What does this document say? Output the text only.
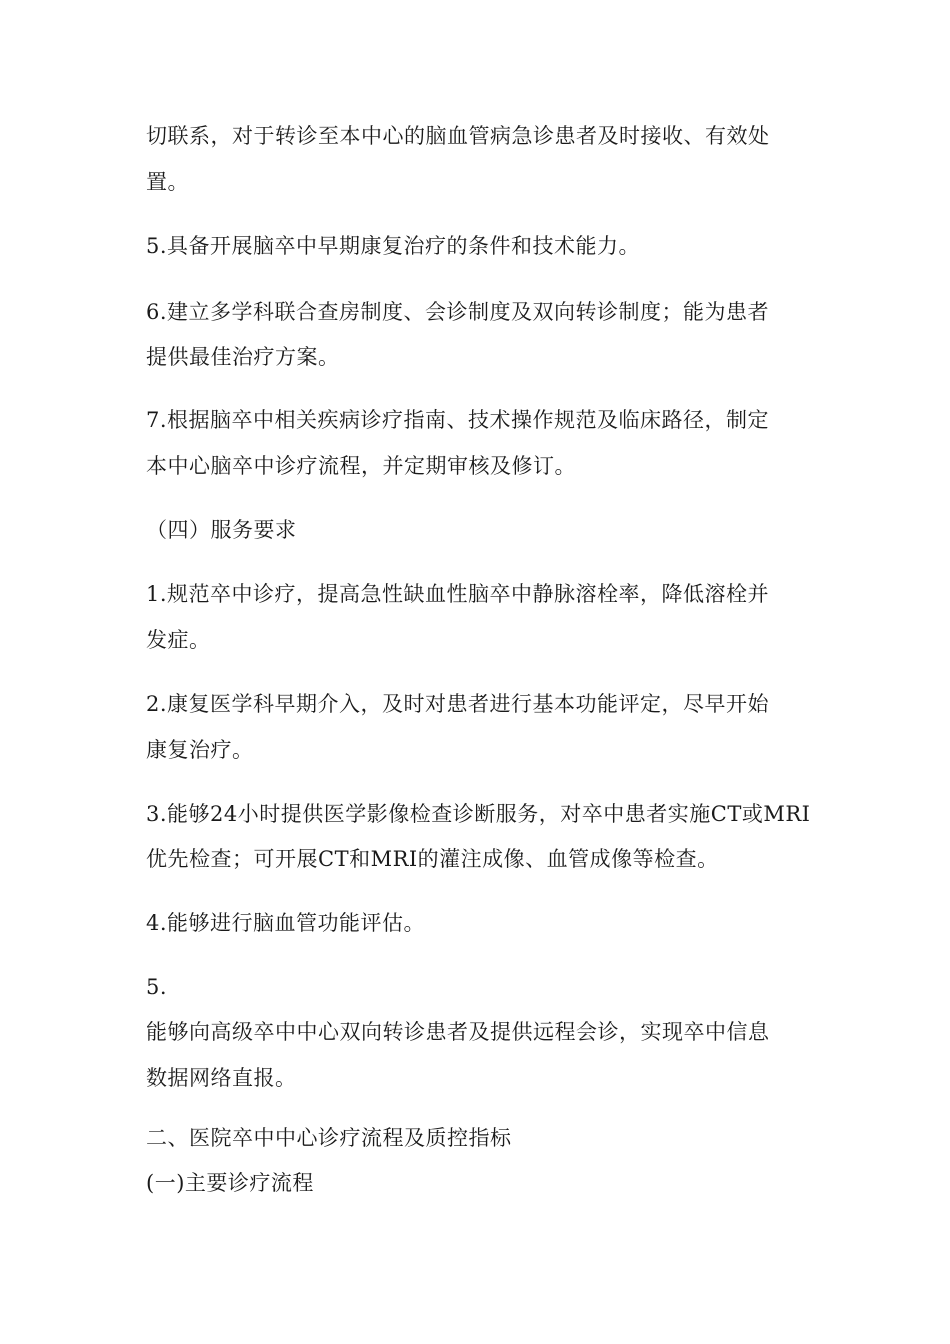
切联系，对于转诊至本中心的脑血管病急诊患者及时接收、有效处
置。
5.具备开展脑卒中早期康复治疗的条件和技术能力。
6.建立多学科联合查房制度、会诊制度及双向转诊制度；能为患者
提供最佳治疗方案。
7.根据脑卒中相关疾病诊疗指南、技术操作规范及临床路径，制定
本中心脑卒中诊疗流程，并定期审核及修订。
（四）服务要求
1.规范卒中诊疗，提高急性缺血性脑卒中静脉溶栓率，降低溶栓并
发症。
2.康复医学科早期介入，及时对患者进行基本功能评定，尽早开始
康复治疗。
3.能够24小时提供医学影像检查诊断服务，对卒中患者实施CT或MRI
优先检查；可开展CT和MRI的灌注成像、血管成像等检查。
4.能够进行脑血管功能评估。
5.
能够向高级卒中中心双向转诊患者及提供远程会诊，实现卒中信息
数据网络直报。
二、医院卒中中心诊疗流程及质控指标
(一)主要诊疗流程
